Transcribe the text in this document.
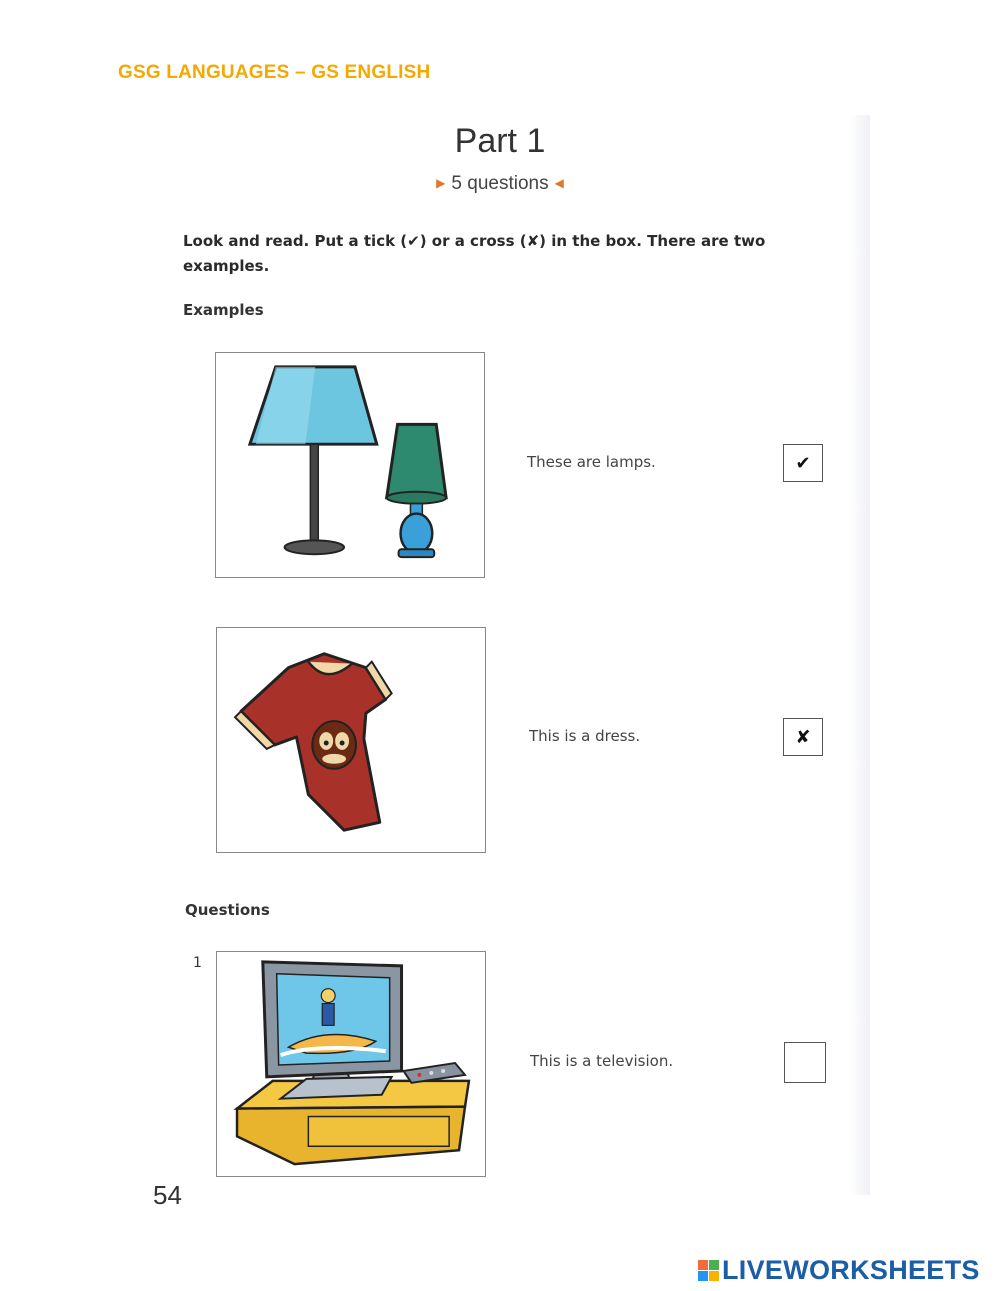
GSG LANGUAGES – GS ENGLISH
Part 1
▶ 5 questions ◀
Look and read. Put a tick (✔) or a cross (✘) in the box. There are two examples.
Examples
These are lamps.	✔
This is a dress.	✘
Questions
1
This is a television.
54
LIVEWORKSHEETS
